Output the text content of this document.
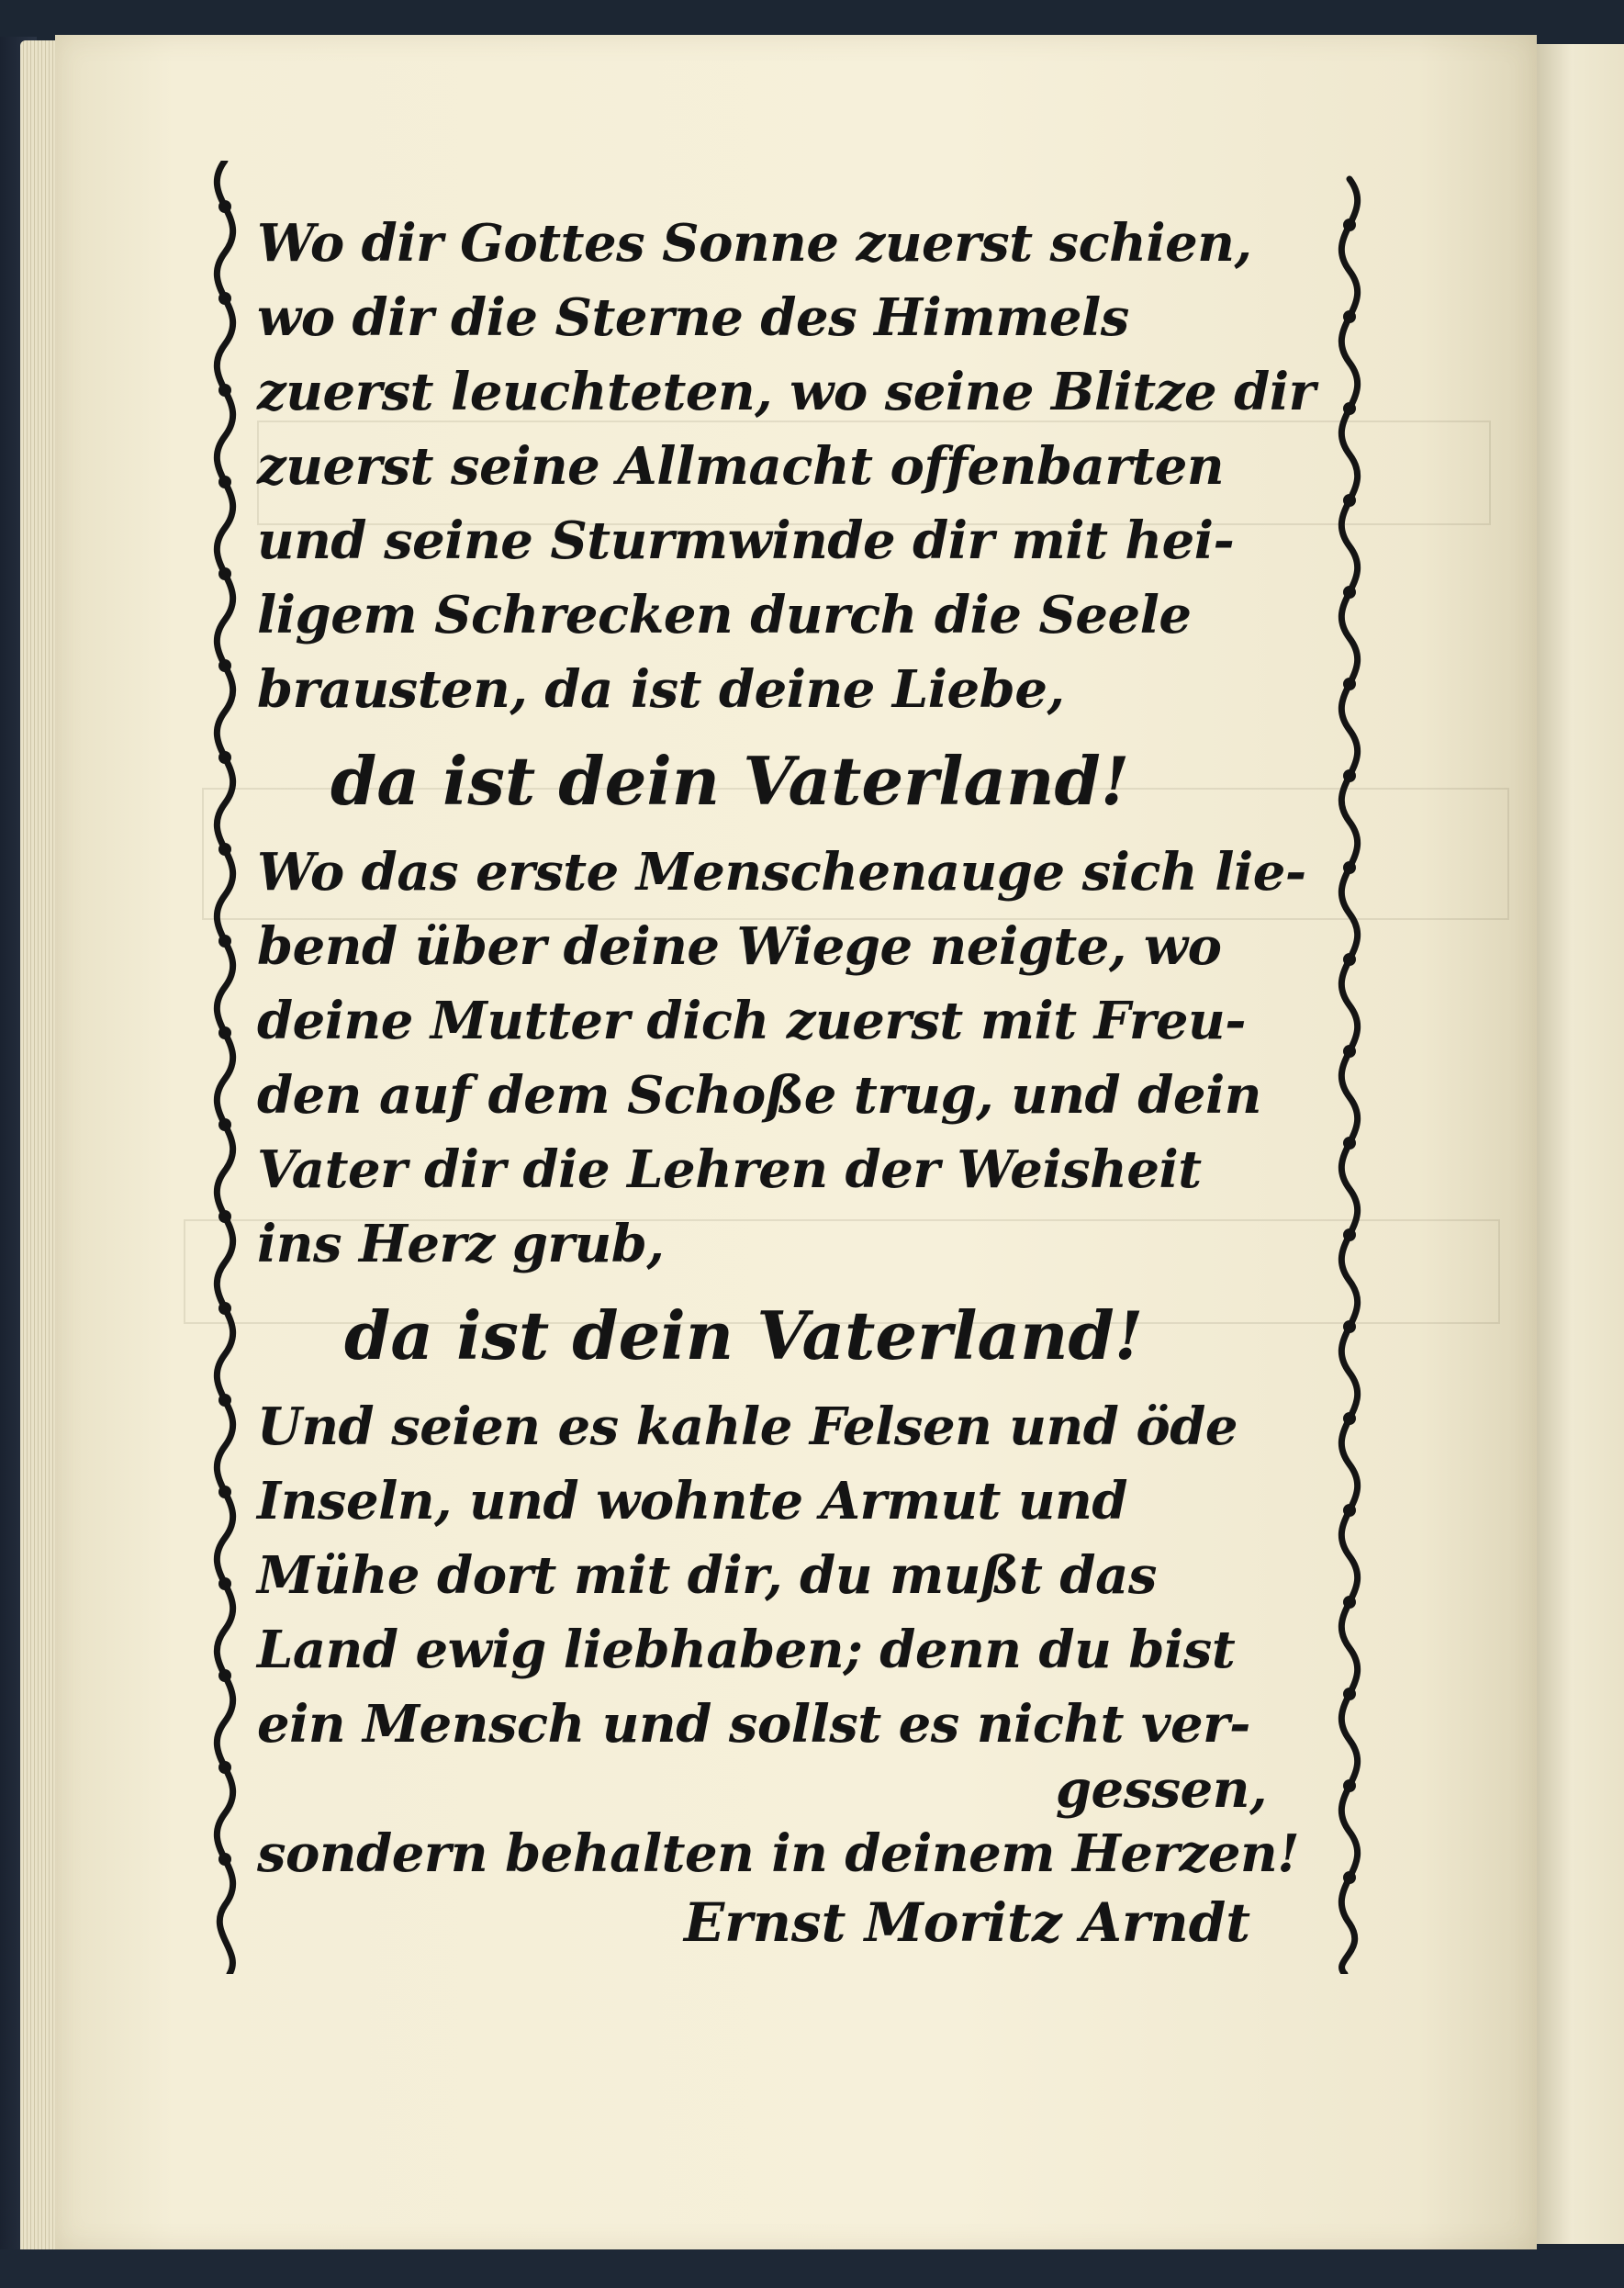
Wo dir Gottes Sonne zuerst schien,
wo dir die Sterne des Himmels
zuerst leuchteten, wo seine Blitze dir
zuerst seine Allmacht offenbarten
und seine Sturmwinde dir mit hei-
ligem Schrecken durch die Seele
brausten, da ist deine Liebe,
da ist dein Vaterland!
Wo das erste Menschenauge sich lie-
bend über deine Wiege neigte, wo
deine Mutter dich zuerst mit Freu-
den auf dem Schoße trug, und dein
Vater dir die Lehren der Weisheit
ins Herz grub,
da ist dein Vaterland!
Und seien es kahle Felsen und öde
Inseln, und wohnte Armut und
Mühe dort mit dir, du mußt das
Land ewig liebhaben; denn du bist
ein Mensch und sollst es nicht ver-
gessen,
sondern behalten in deinem Herzen!
Ernst Moritz Arndt
